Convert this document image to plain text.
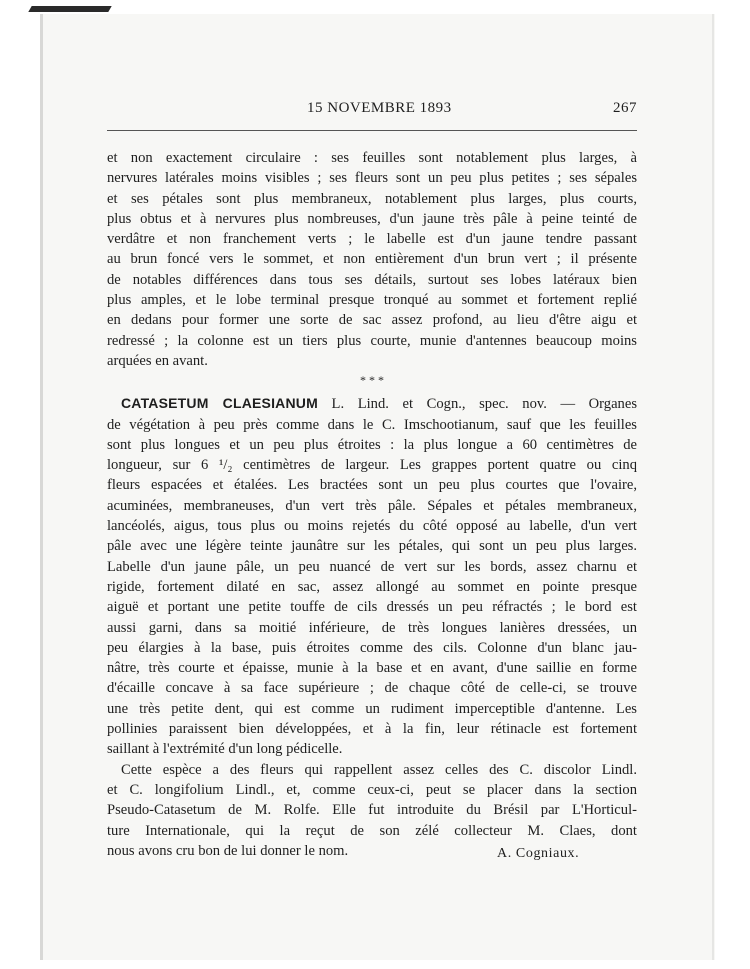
15 NOVEMBRE 1893	267

et non exactement circulaire : ses feuilles sont notablement plus larges, à
nervures latérales moins visibles ; ses fleurs sont un peu plus petites ; ses sépales
et ses pétales sont plus membraneux, notablement plus larges, plus courts,
plus obtus et à nervures plus nombreuses, d'un jaune très pâle à peine teinté de
verdâtre et non franchement verts ; le labelle est d'un jaune tendre passant
au brun foncé vers le sommet, et non entièrement d'un brun vert ; il présente
de notables différences dans tous ses détails, surtout ses lobes latéraux bien
plus amples, et le lobe terminal presque tronqué au sommet et fortement replié
en dedans pour former une sorte de sac assez profond, au lieu d'être aigu et
redressé ; la colonne est un tiers plus courte, munie d'antennes beaucoup moins
arquées en avant.

* * *

CATASETUM CLAESIANUM L. Lind. et Cogn., spec. nov. — Organes
de végétation à peu près comme dans le C. Imschootianum, sauf que les feuilles
sont plus longues et un peu plus étroites : la plus longue a 60 centimètres de
longueur, sur 6 ¹/₂ centimètres de largeur. Les grappes portent quatre ou cinq
fleurs espacées et étalées. Les bractées sont un peu plus courtes que l'ovaire,
acuminées, membraneuses, d'un vert très pâle. Sépales et pétales membraneux,
lancéolés, aigus, tous plus ou moins rejetés du côté opposé au labelle, d'un vert
pâle avec une légère teinte jaunâtre sur les pétales, qui sont un peu plus larges.
Labelle d'un jaune pâle, un peu nuancé de vert sur les bords, assez charnu et
rigide, fortement dilaté en sac, assez allongé au sommet en pointe presque
aiguë et portant une petite touffe de cils dressés un peu réfractés ; le bord est
aussi garni, dans sa moitié inférieure, de très longues lanières dressées, un
peu élargies à la base, puis étroites comme des cils. Colonne d'un blanc jau-
nâtre, très courte et épaisse, munie à la base et en avant, d'une saillie en forme
d'écaille concave à sa face supérieure ; de chaque côté de celle-ci, se trouve
une très petite dent, qui est comme un rudiment imperceptible d'antenne. Les
pollinies paraissent bien développées, et à la fin, leur rétinacle est fortement
saillant à l'extrémité d'un long pédicelle.

Cette espèce a des fleurs qui rappellent assez celles des C. discolor Lindl.
et C. longifolium Lindl., et, comme ceux-ci, peut se placer dans la section
Pseudo-Catasetum de M. Rolfe. Elle fut introduite du Brésil par L'Horticul-
ture Internationale, qui la reçut de son zélé collecteur M. Claes, dont
nous avons cru bon de lui donner le nom.	A. Cogniaux.
